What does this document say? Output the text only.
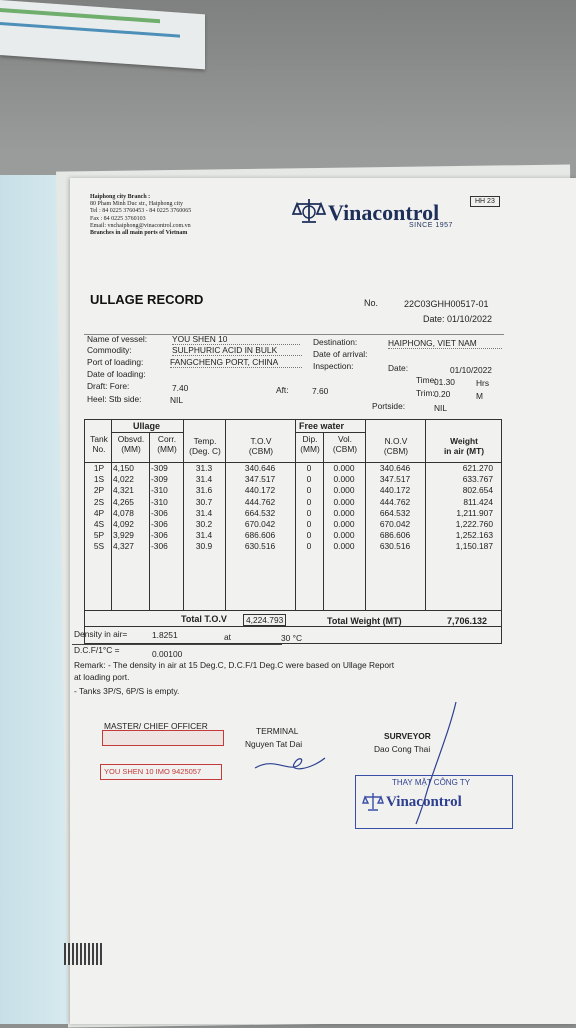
Haiphong city Branch :
80 Pham Minh Duc str., Haiphong city
Tel : 84 0225 3760453 - 84 0225 3760065
Fax : 84 0225 3760103
Email: vnchaiphong@vinacontrol.com.vn
Branches in all main ports of Vietnam
Vinacontrol
SINCE 1957
HH 23
ULLAGE RECORD	No.	22C03GHH00517-01
Date: 01/10/2022
Name of vessel:	YOU SHEN 10
Commodity:	SULPHURIC ACID IN BULK
Port of loading:	FANGCHENG PORT, CHINA
Date of loading:
Draft: Fore:	7.40	Aft:	7.60
Heel: Stb side:	NIL
Destination:	HAIPHONG, VIET NAM
Date of arrival:
Inspection:	Date:	01/10/2022
Time:
01.30	Hrs
Trim: 0.20	M
Portside:	NIL
Ullage	Free water
Tank
No.
Obsvd.
(MM)
Corr.
(MM)
Temp.
(Deg. C)
T.O.V
(CBM)
Dip.
(MM)
Vol.
(CBM)
N.O.V
(CBM)
Weight
in air (MT)
1P	4,150	-309	31.3	340.646	0	0.000	340.646	621.270
1S	4,022	-309	31.4	347.517	0	0.000	347.517	633.767
2P	4,321	-310	31.6	440.172	0	0.000	440.172	802.654
2S	4,265	-310	30.7	444.762	0	0.000	444.762	811.424
4P	4,078	-306	31.4	664.532	0	0.000	664.532	1,211.907
4S	4,092	-306	30.2	670.042	0	0.000	670.042	1,222.760
5P	3,929	-306	31.4	686.606	0	0.000	686.606	1,252.163
5S	4,327	-306	30.9	630.516	0	0.000	630.516	1,150.187
Total T.O.V	4,224.793	Total Weight (MT)	7,706.132
Density in air=	1.8251	at	30 °C
D.C.F/1°C =	0.00100
Remark: - The density in air at 15 Deg.C, D.C.F/1 Deg.C were based on Ullage Report
at loading port.
- Tanks 3P/S, 6P/S is empty.
MASTER/ CHIEF OFFICER
YOU SHEN 10 IMO 9425057
TERMINAL
Nguyen Tat Dai
SURVEYOR
Dao Cong Thai
THAY MẶT CÔNG TY
Vinacontrol
